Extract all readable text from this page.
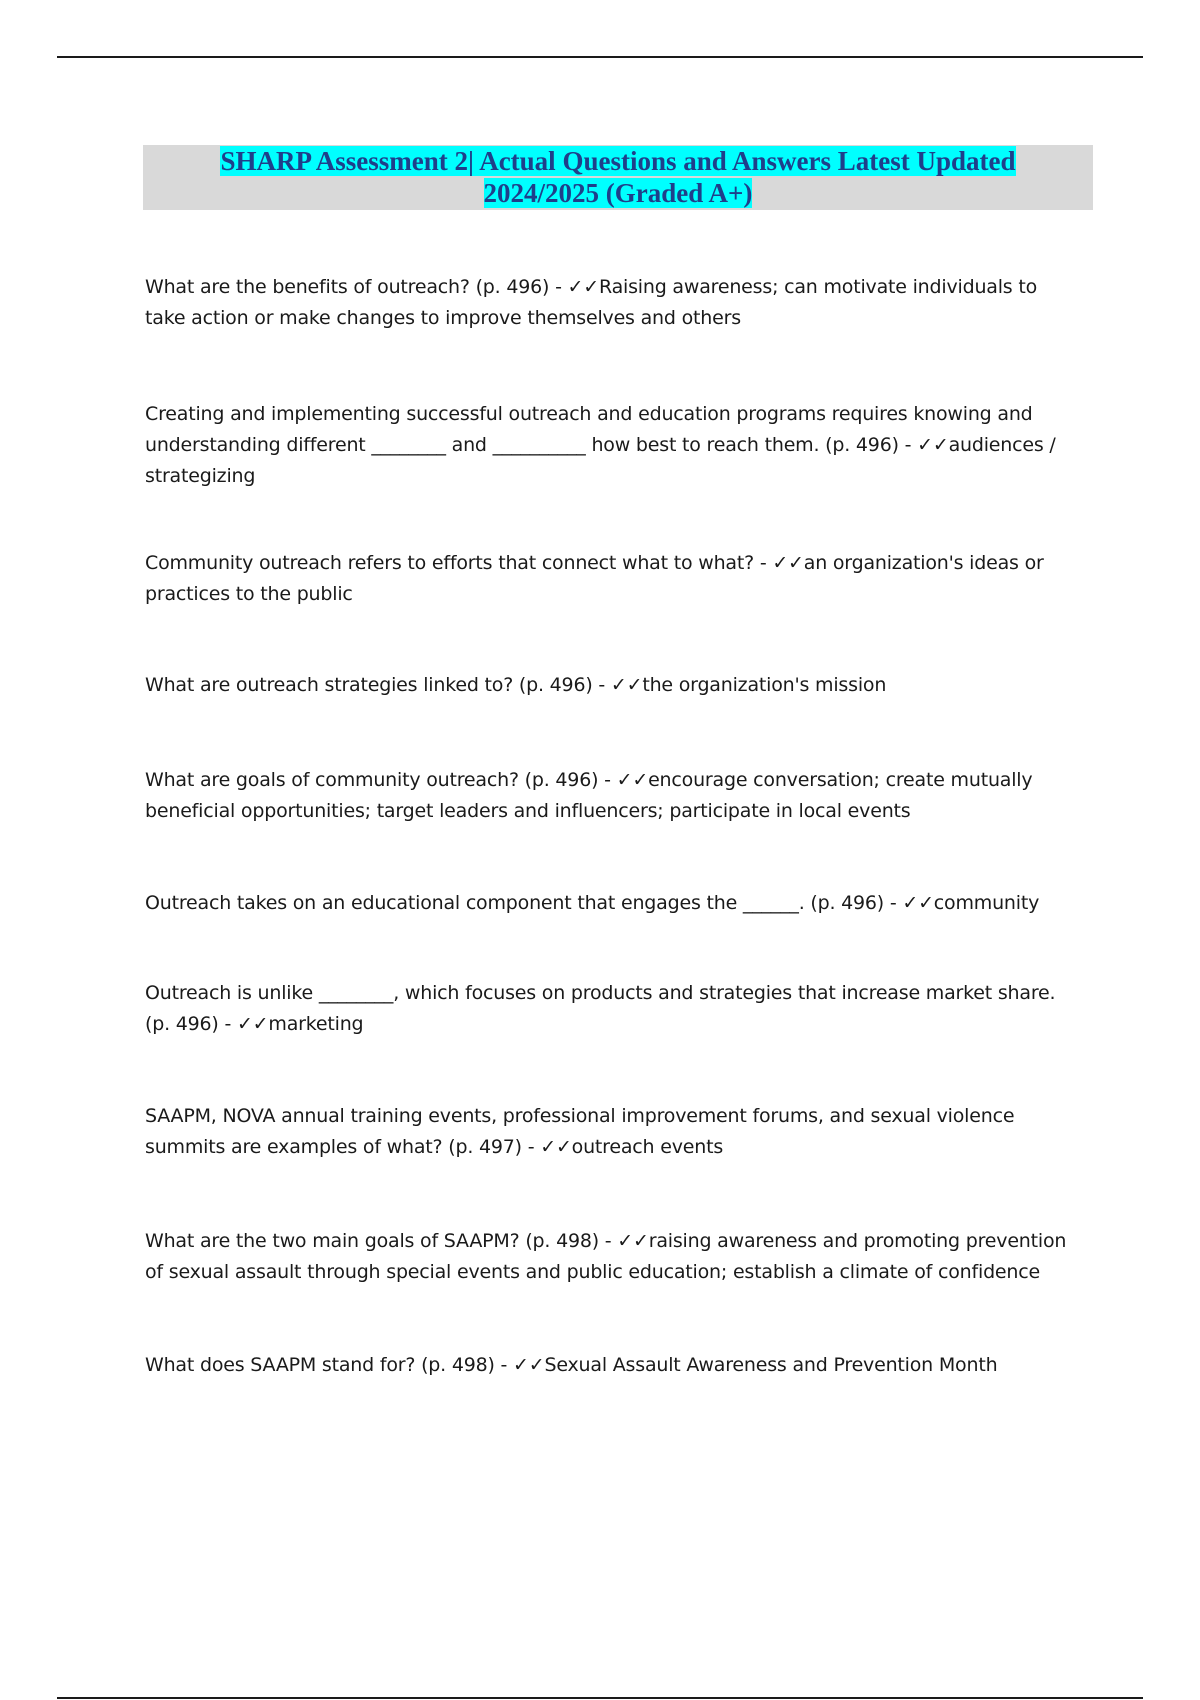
SHARP Assessment 2| Actual Questions and Answers Latest Updated
2024/2025 (Graded A+)
What are the benefits of outreach? (p. 496) - ✓✓Raising awareness; can motivate individuals to take action or make changes to improve themselves and others
Creating and implementing successful outreach and education programs requires knowing and understanding different ________ and __________ how best to reach them. (p. 496) - ✓✓audiences / strategizing
Community outreach refers to efforts that connect what to what? - ✓✓an organization's ideas or practices to the public
What are outreach strategies linked to? (p. 496) - ✓✓the organization's mission
What are goals of community outreach? (p. 496) - ✓✓encourage conversation; create mutually beneficial opportunities; target leaders and influencers; participate in local events
Outreach takes on an educational component that engages the ______. (p. 496) - ✓✓community
Outreach is unlike ________, which focuses on products and strategies that increase market share. (p. 496) - ✓✓marketing
SAAPM, NOVA annual training events, professional improvement forums, and sexual violence summits are examples of what? (p. 497) - ✓✓outreach events
What are the two main goals of SAAPM? (p. 498) - ✓✓raising awareness and promoting prevention of sexual assault through special events and public education; establish a climate of confidence
What does SAAPM stand for? (p. 498) - ✓✓Sexual Assault Awareness and Prevention Month
